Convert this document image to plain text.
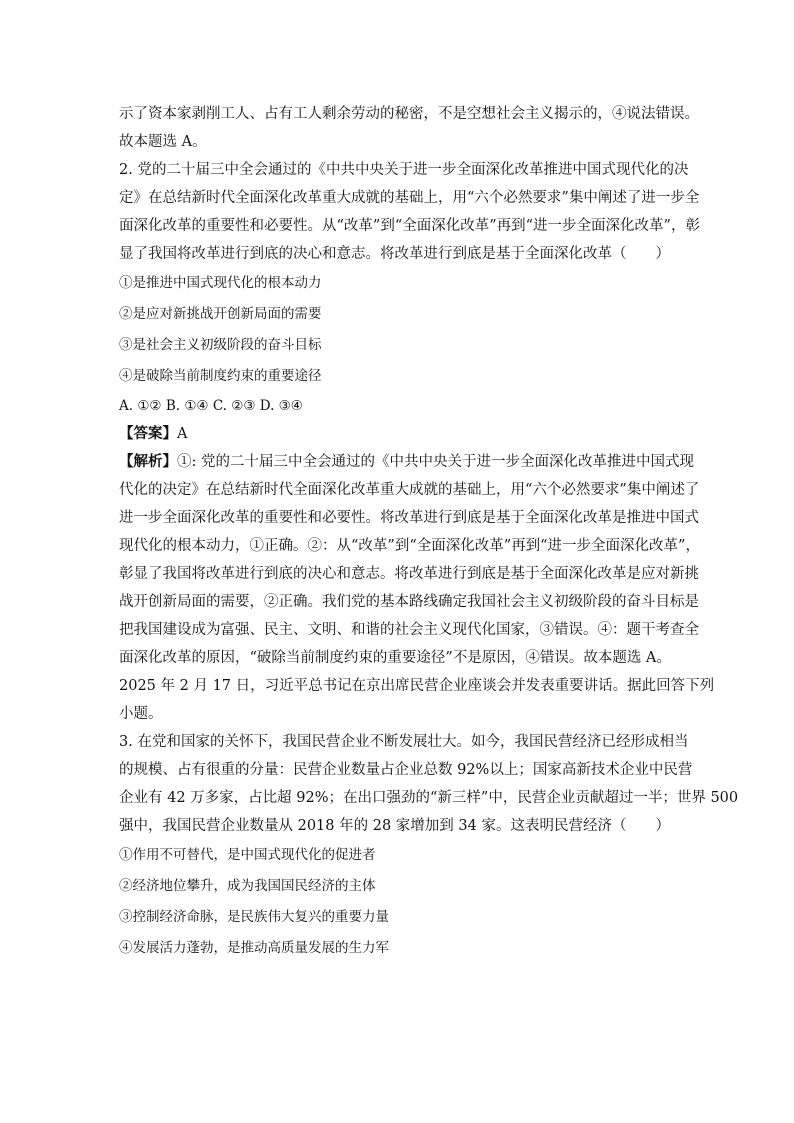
示了资本家剥削工人、占有工人剩余劳动的秘密，不是空想社会主义揭示的，④说法错误。
故本题选 A。
2. 党的二十届三中全会通过的《中共中央关于进一步全面深化改革推进中国式现代化的决
定》在总结新时代全面深化改革重大成就的基础上，用“六个必然要求”集中阐述了进一步全
面深化改革的重要性和必要性。从“改革”到“全面深化改革”再到“进一步全面深化改革”，彰
显了我国将改革进行到底的决心和意志。将改革进行到底是基于全面深化改革（　　）
①是推进中国式现代化的根本动力
②是应对新挑战开创新局面的需要
③是社会主义初级阶段的奋斗目标
④是破除当前制度约束的重要途径
A. ①② B. ①④ C. ②③ D. ③④
【答案】A
【解析】①: 党的二十届三中全会通过的《中共中央关于进一步全面深化改革推进中国式现
代化的决定》在总结新时代全面深化改革重大成就的基础上，用“六个必然要求”集中阐述了
进一步全面深化改革的重要性和必要性。将改革进行到底是基于全面深化改革是推进中国式
现代化的根本动力，①正确。②：从“改革”到“全面深化改革”再到“进一步全面深化改革”，
彰显了我国将改革进行到底的决心和意志。将改革进行到底是基于全面深化改革是应对新挑
战开创新局面的需要，②正确。我们党的基本路线确定我国社会主义初级阶段的奋斗目标是
把我国建设成为富强、民主、文明、和谐的社会主义现代化国家，③错误。④：题干考查全
面深化改革的原因，“破除当前制度约束的重要途径”不是原因，④错误。故本题选 A。
2025 年 2 月 17 日，习近平总书记在京出席民营企业座谈会并发表重要讲话。据此回答下列
小题。
3. 在党和国家的关怀下，我国民营企业不断发展壮大。如今，我国民营经济已经形成相当
的规模、占有很重的分量：民营企业数量占企业总数 92%以上；国家高新技术企业中民营
企业有 42 万多家，占比超 92%；在出口强劲的“新三样”中，民营企业贡献超过一半；世界 500
强中，我国民营企业数量从 2018 年的 28 家增加到 34 家。这表明民营经济（　　）
①作用不可替代，是中国式现代化的促进者
②经济地位攀升，成为我国国民经济的主体
③控制经济命脉，是民族伟大复兴的重要力量
④发展活力蓬勃，是推动高质量发展的生力军
